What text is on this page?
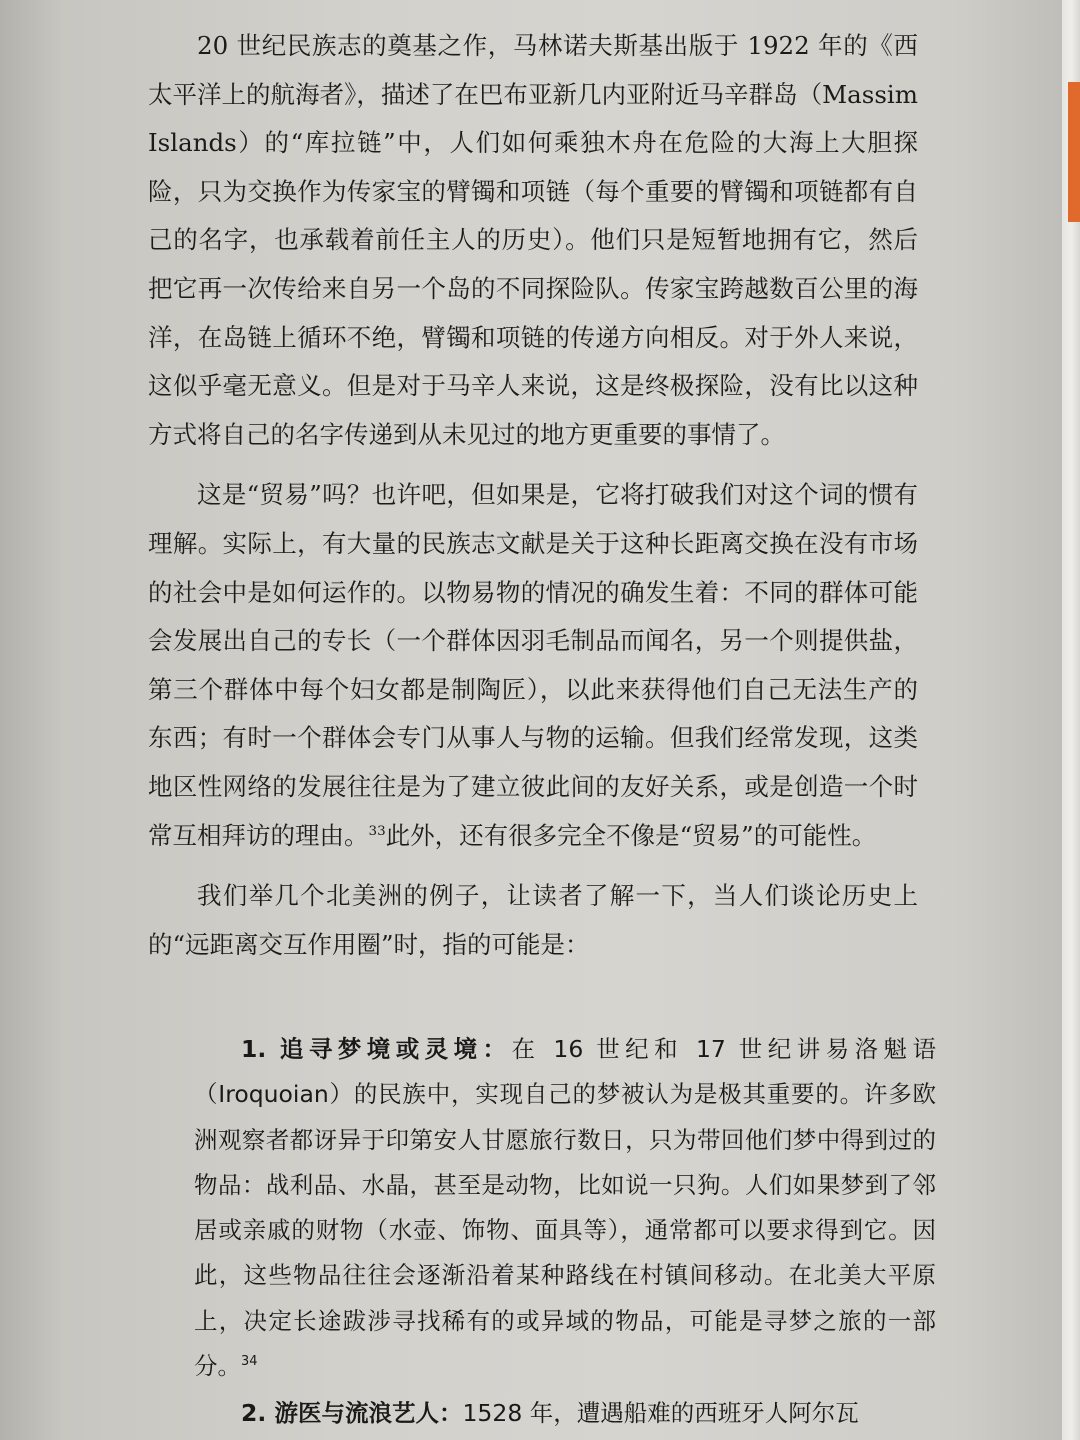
20 世纪民族志的奠基之作，马林诺夫斯基出版于 1922 年的《西太平洋上的航海者》，描述了在巴布亚新几内亚附近马辛群岛（Massim Islands）的“库拉链”中，人们如何乘独木舟在危险的大海上大胆探险，只为交换作为传家宝的臂镯和项链（每个重要的臂镯和项链都有自己的名字，也承载着前任主人的历史）。他们只是短暂地拥有它，然后把它再一次传给来自另一个岛的不同探险队。传家宝跨越数百公里的海洋，在岛链上循环不绝，臂镯和项链的传递方向相反。对于外人来说，这似乎毫无意义。但是对于马辛人来说，这是终极探险，没有比以这种方式将自己的名字传递到从未见过的地方更重要的事情了。

这是“贸易”吗？也许吧，但如果是，它将打破我们对这个词的惯有理解。实际上，有大量的民族志文献是关于这种长距离交换在没有市场的社会中是如何运作的。以物易物的情况的确发生着：不同的群体可能会发展出自己的专长（一个群体因羽毛制品而闻名，另一个则提供盐，第三个群体中每个妇女都是制陶匠），以此来获得他们自己无法生产的东西；有时一个群体会专门从事人与物的运输。但我们经常发现，这类地区性网络的发展往往是为了建立彼此间的友好关系，或是创造一个时常互相拜访的理由。$^{33}$此外，还有很多完全不像是“贸易”的可能性。

我们举几个北美洲的例子，让读者了解一下，当人们谈论历史上的“远距离交互作用圈”时，指的可能是：

1. 追寻梦境或灵境：在 16 世纪和 17 世纪讲易洛魁语（Iroquoian）的民族中，实现自己的梦被认为是极其重要的。许多欧洲观察者都讶异于印第安人甘愿旅行数日，只为带回他们梦中得到过的物品：战利品、水晶，甚至是动物，比如说一只狗。人们如果梦到了邻居或亲戚的财物（水壶、饰物、面具等），通常都可以要求得到它。因此，这些物品往往会逐渐沿着某种路线在村镇间移动。在北美大平原上，决定长途跋涉寻找稀有的或异域的物品，可能是寻梦之旅的一部分。$^{34}$

2. 游医与流浪艺人：1528 年，遭遇船难的西班牙人阿尔瓦
